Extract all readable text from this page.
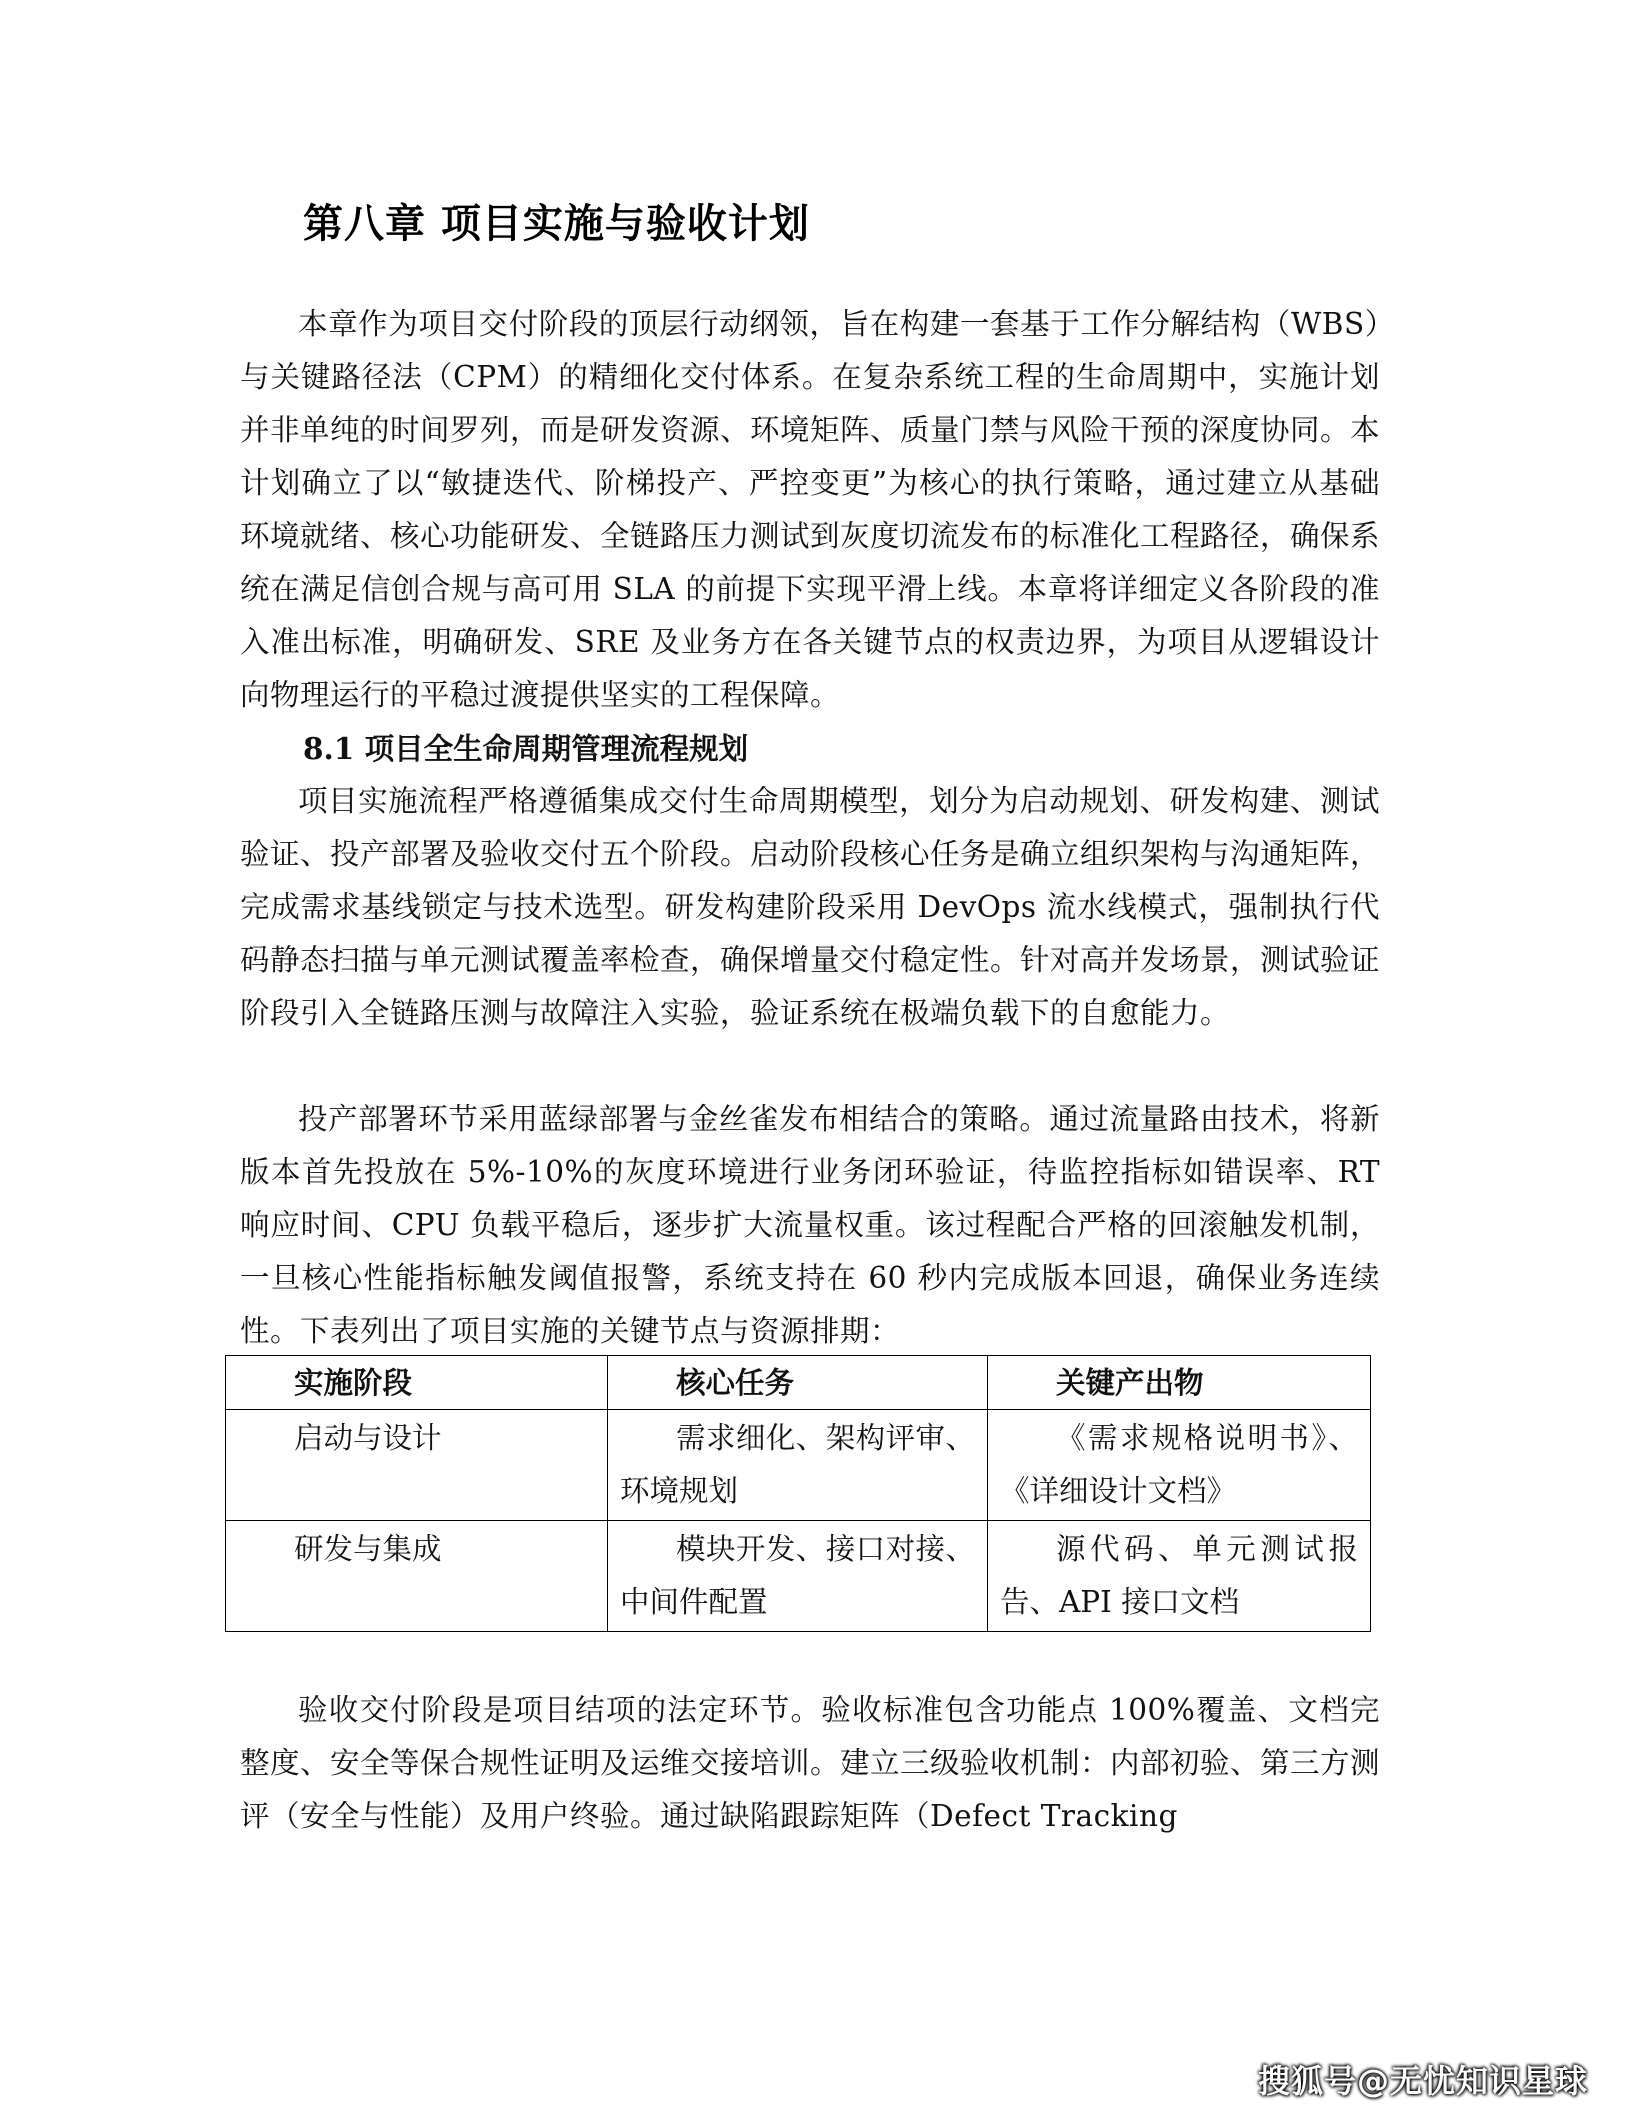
第八章 项目实施与验收计划

本章作为项目交付阶段的顶层行动纲领，旨在构建一套基于工作分解结构（WBS）与关键路径法（CPM）的精细化交付体系。在复杂系统工程的生命周期中，实施计划并非单纯的时间罗列，而是研发资源、环境矩阵、质量门禁与风险干预的深度协同。本计划确立了以“敏捷迭代、阶梯投产、严控变更”为核心的执行策略，通过建立从基础环境就绪、核心功能研发、全链路压力测试到灰度切流发布的标准化工程路径，确保系统在满足信创合规与高可用 SLA 的前提下实现平滑上线。本章将详细定义各阶段的准入准出标准，明确研发、SRE 及业务方在各关键节点的权责边界，为项目从逻辑设计向物理运行的平稳过渡提供坚实的工程保障。

8.1 项目全生命周期管理流程规划

项目实施流程严格遵循集成交付生命周期模型，划分为启动规划、研发构建、测试验证、投产部署及验收交付五个阶段。启动阶段核心任务是确立组织架构与沟通矩阵，完成需求基线锁定与技术选型。研发构建阶段采用 DevOps 流水线模式，强制执行代码静态扫描与单元测试覆盖率检查，确保增量交付稳定性。针对高并发场景，测试验证阶段引入全链路压测与故障注入实验，验证系统在极端负载下的自愈能力。

投产部署环节采用蓝绿部署与金丝雀发布相结合的策略。通过流量路由技术，将新版本首先投放在 5%-10%的灰度环境进行业务闭环验证，待监控指标如错误率、RT 响应时间、CPU 负载平稳后，逐步扩大流量权重。该过程配合严格的回滚触发机制，一旦核心性能指标触发阈值报警，系统支持在 60 秒内完成版本回退，确保业务连续性。下表列出了项目实施的关键节点与资源排期：

实施阶段	核心任务	关键产出物
启动与设计	需求细化、架构评审、环境规划	《需求规格说明书》、《详细设计文档》
研发与集成	模块开发、接口对接、中间件配置	源代码、单元测试报告、API 接口文档

验收交付阶段是项目结项的法定环节。验收标准包含功能点 100%覆盖、文档完整度、安全等保合规性证明及运维交接培训。建立三级验收机制：内部初验、第三方测评（安全与性能）及用户终验。通过缺陷跟踪矩阵（Defect Tracking

搜狐号@无忧知识星球
